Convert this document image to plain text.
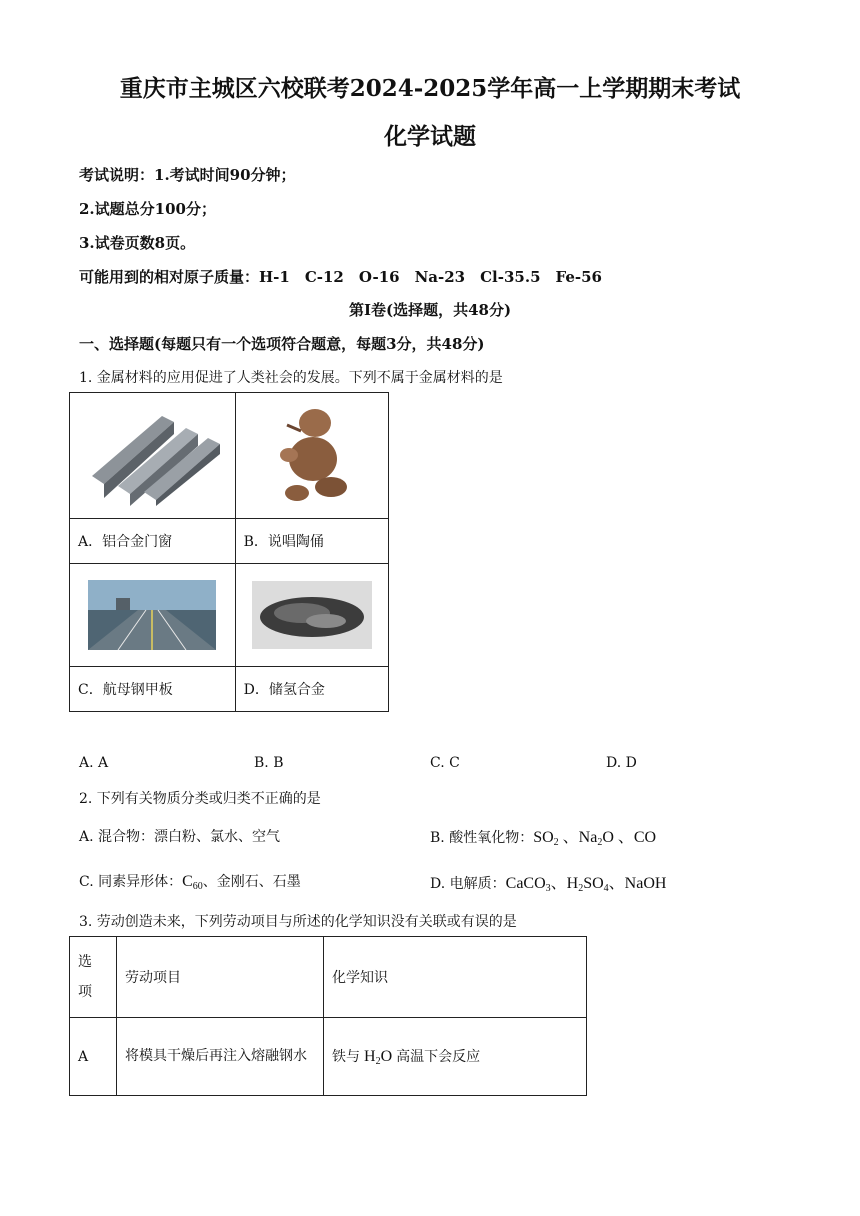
重庆市主城区六校联考2024-2025学年高一上学期期末考试
化学试题
考试说明：1.考试时间90分钟；
2.试题总分100分；
3.试卷页数8页。
可能用到的相对原子质量：H-1　C-12　O-16　Na-23　Cl-35.5　Fe-56
第Ⅰ卷(选择题，共48分)
一、选择题(每题只有一个选项符合题意，每题3分，共48分)
1. 金属材料的应用促进了人类社会的发展。下列不属于金属材料的是

A．铝合金门窗	B．说唱陶俑

C．航母钢甲板	D．储氢合金
A. A	B. B	C. C	D. D
2. 下列有关物质分类或归类不正确的是
A. 混合物：漂白粉、氯水、空气	B. 酸性氧化物：$SO_2$ 、$Na_2O$ 、CO
C. 同素异形体：$C_{60}$、金刚石、石墨	D. 电解质：CaCO$_3$、$H_2SO_4$、NaOH
3. 劳动创造未来，下列劳动项目与所述的化学知识没有关联或有误的是
选项	劳动项目	化学知识
A	将模具干燥后再注入熔融钢水	铁与 $H_2O$ 高温下会反应
